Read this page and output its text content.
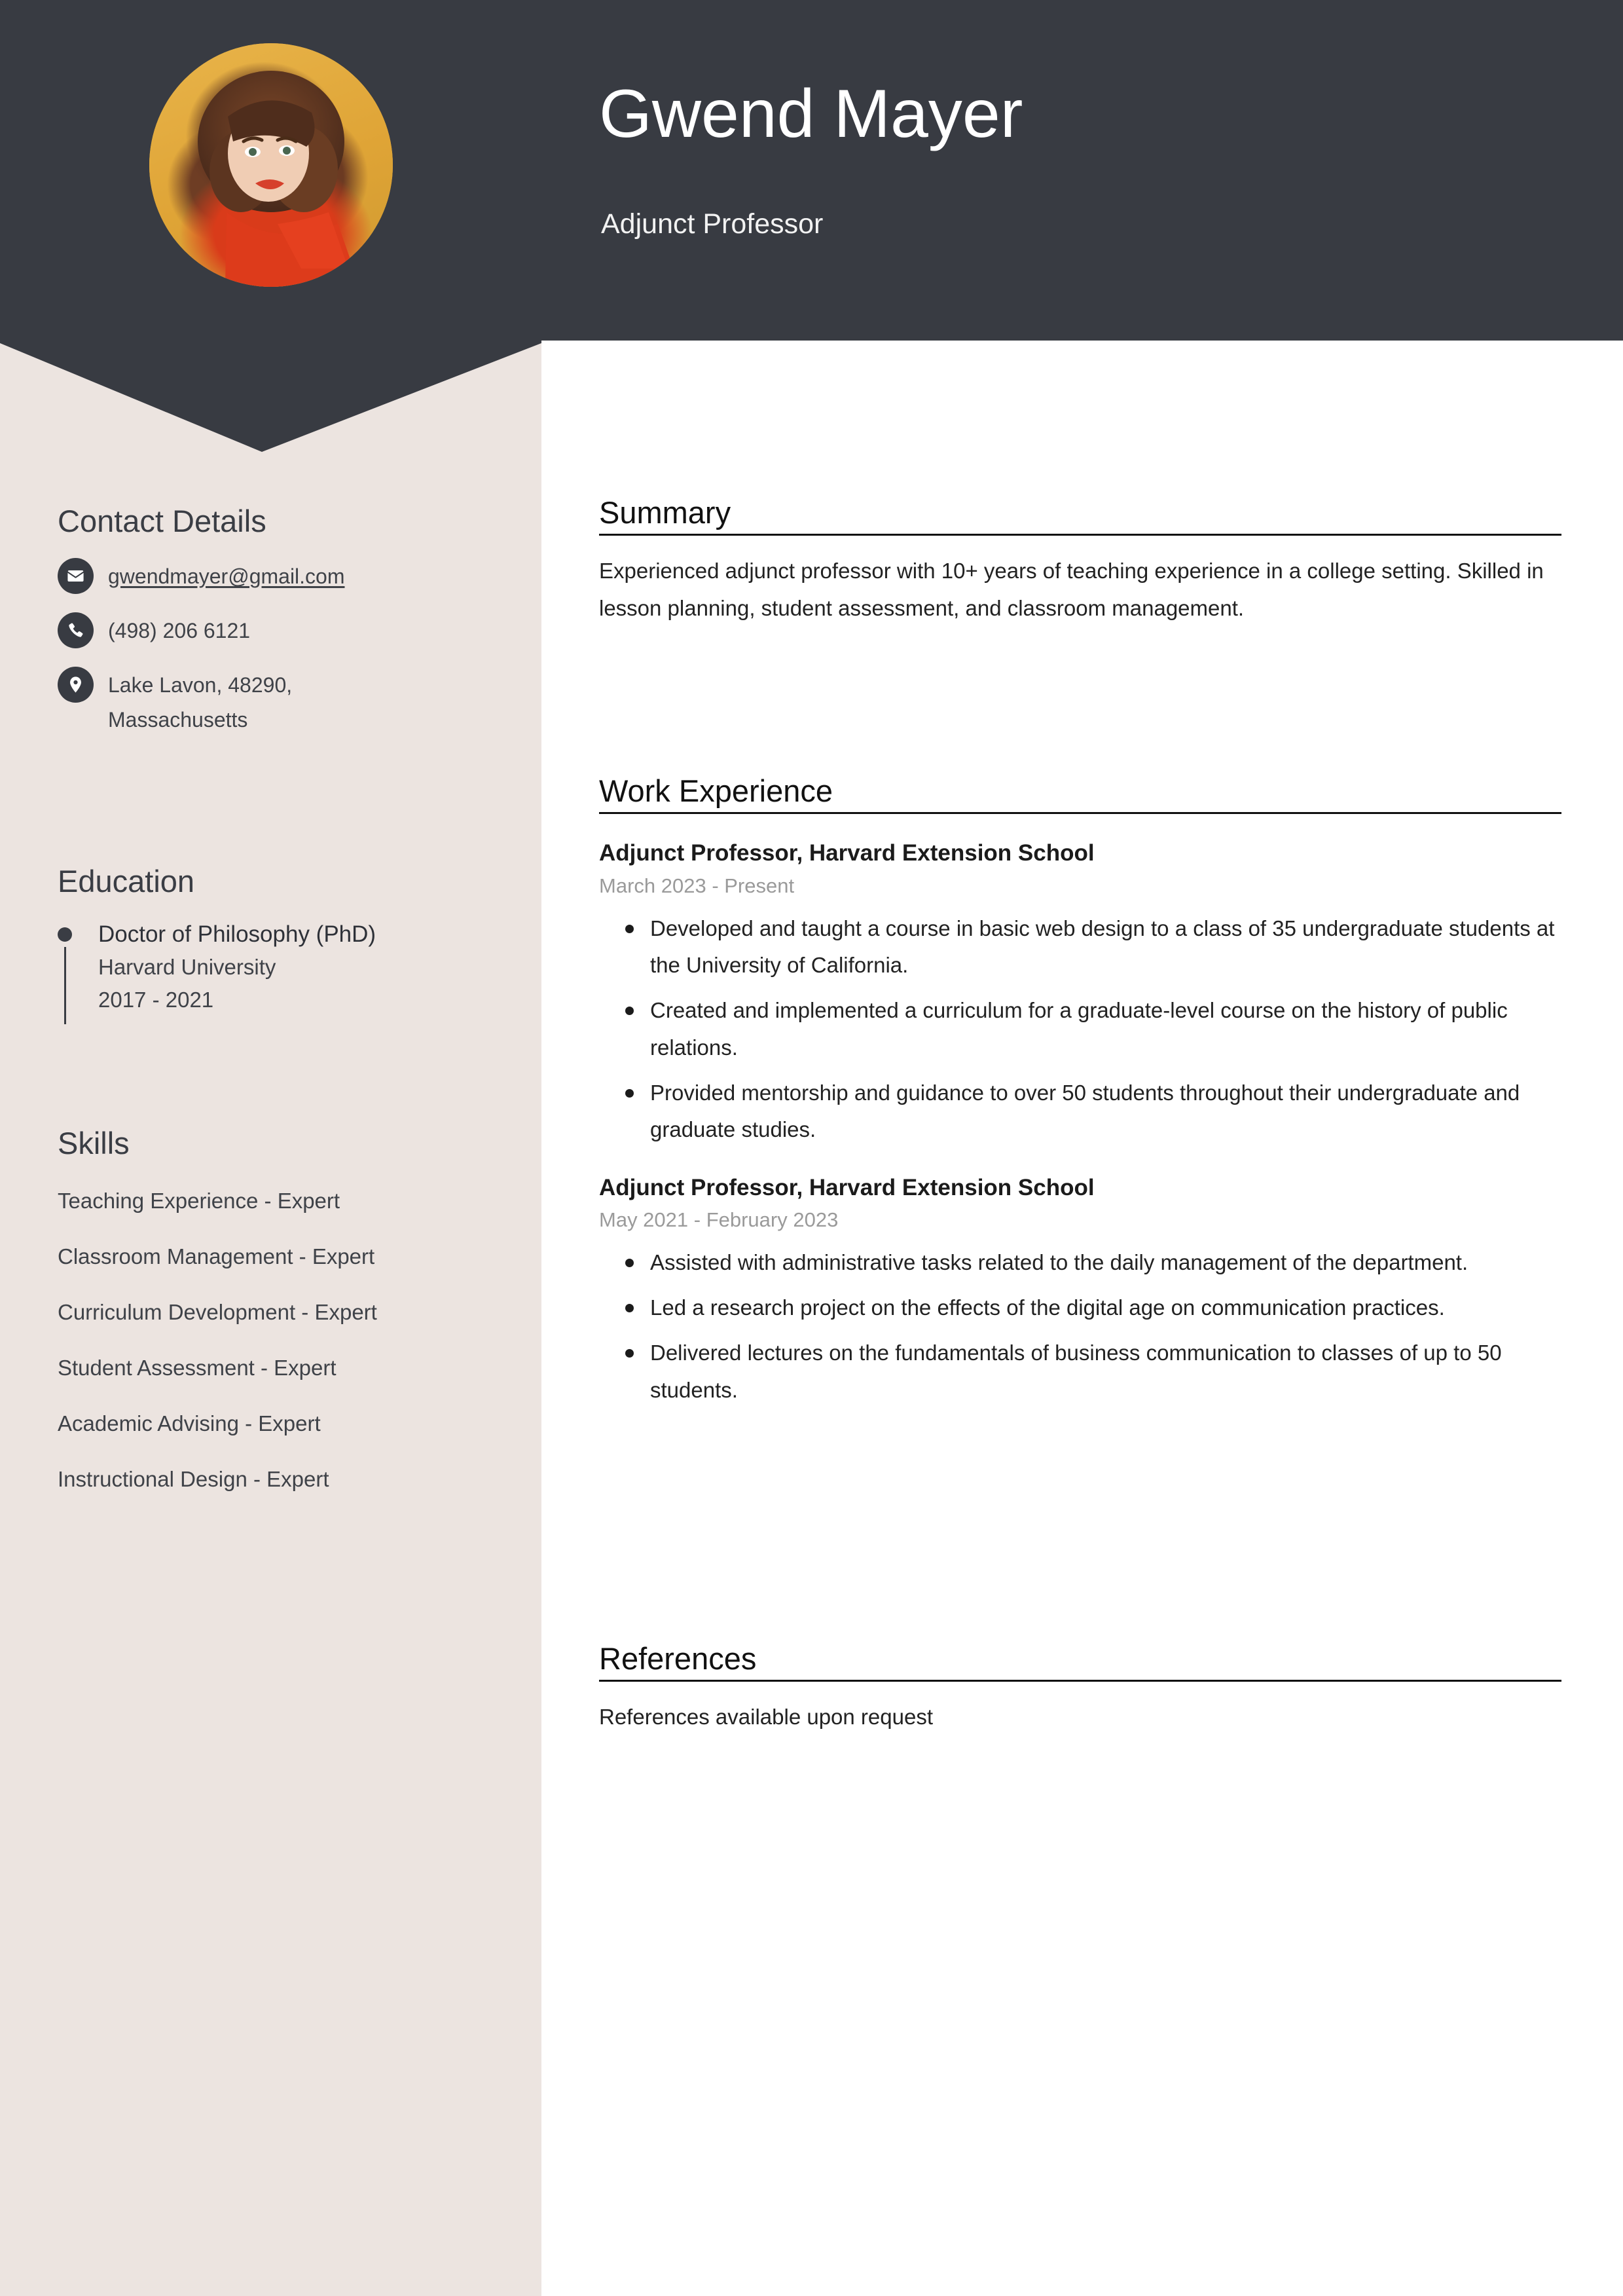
Gwend Mayer
Adjunct Professor
Contact Details
gwendmayer@gmail.com
(498) 206 6121
Lake Lavon, 48290, Massachusetts
Education
Doctor of Philosophy (PhD)
Harvard University
2017 - 2021
Skills
Teaching Experience - Expert
Classroom Management - Expert
Curriculum Development - Expert
Student Assessment - Expert
Academic Advising - Expert
Instructional Design - Expert
Summary

Experienced adjunct professor with 10+ years of teaching experience in a college setting. Skilled in lesson planning, student assessment, and classroom management.

Work Experience
Adjunct Professor, Harvard Extension School
March 2023 - Present
Developed and taught a course in basic web design to a class of 35 undergraduate students at the University of California.
Created and implemented a curriculum for a graduate-level course on the history of public relations.
Provided mentorship and guidance to over 50 students throughout their undergraduate and graduate studies.
Adjunct Professor, Harvard Extension School
May 2021 - February 2023
Assisted with administrative tasks related to the daily management of the department.
Led a research project on the effects of the digital age on communication practices.
Delivered lectures on the fundamentals of business communication to classes of up to 50 students.
References

References available upon request
